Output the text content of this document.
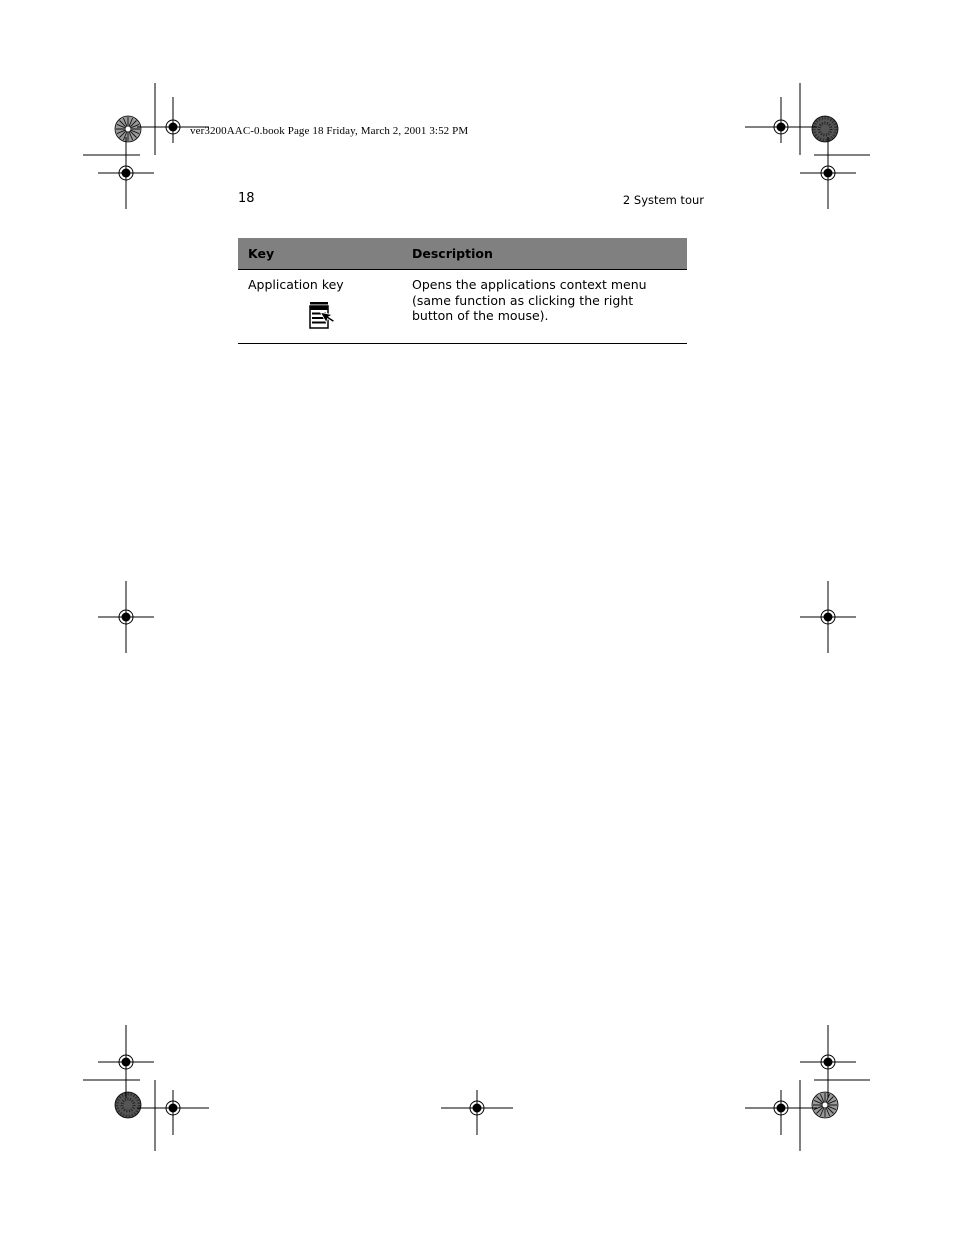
ver3200AAC-0.book Page 18 Friday, March 2, 2001 3:52 PM
18	2 System tour
Key	Description
Application key	Opens the applications context menu (same function as clicking the right button of the mouse).
